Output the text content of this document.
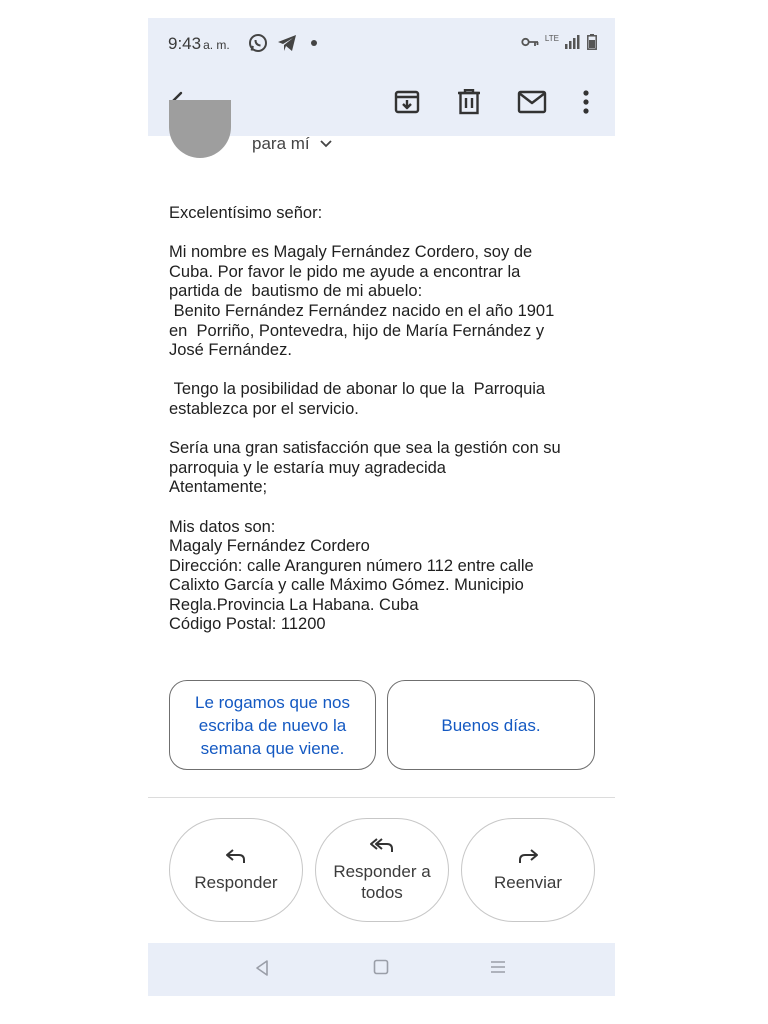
9:43 a. m.	LTE
para mí

Excelentísimo señor:

Mi nombre es Magaly Fernández Cordero, soy de

Cuba. Por favor le pido me ayude a encontrar la

partida de  bautismo de mi abuelo:

Benito Fernández Fernández nacido en el año 1901

en  Porriño, Pontevedra, hijo de María Fernández y

José Fernández.

Tengo la posibilidad de abonar lo que la  Parroquia

establezca por el servicio.

Sería una gran satisfacción que sea la gestión con su

parroquia y le estaría muy agradecida

Atentamente;

Mis datos son:

Magaly Fernández Cordero

Dirección: calle Aranguren número 112 entre calle

Calixto García y calle Máximo Gómez. Municipio

Regla.Provincia La Habana. Cuba

Código Postal: 11200

Le rogamos que nos escriba de nuevo la semana que viene.
Buenos días.
Responder
Responder a todos
Reenviar
